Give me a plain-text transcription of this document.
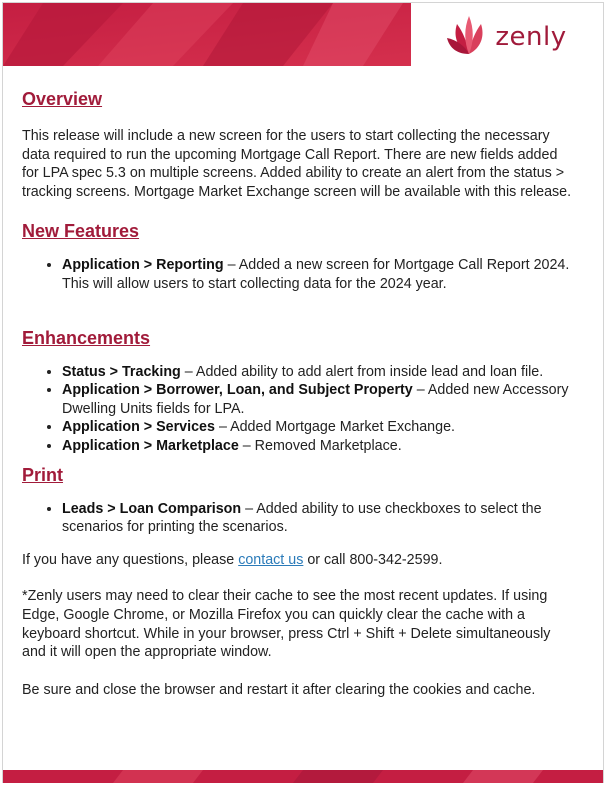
zenly
Overview

This release will include a new screen for the users to start collecting the necessary data required to run the upcoming Mortgage Call Report. There are new fields added for LPA spec 5.3 on multiple screens. Added ability to create an alert from the status > tracking screens. Mortgage Market Exchange screen will be available with this release.

New Features
• Application > Reporting – Added a new screen for Mortgage Call Report 2024. This will allow users to start collecting data for the 2024 year.
Enhancements
• Status > Tracking – Added ability to add alert from inside lead and loan file.
• Application > Borrower, Loan, and Subject Property – Added new Accessory Dwelling Units fields for LPA.
• Application > Services – Added Mortgage Market Exchange.
• Application > Marketplace – Removed Marketplace.
Print
• Leads > Loan Comparison – Added ability to use checkboxes to select the scenarios for printing the scenarios.

If you have any questions, please contact us or call 800-342-2599.

*Zenly users may need to clear their cache to see the most recent updates. If using Edge, Google Chrome, or Mozilla Firefox you can quickly clear the cache with a keyboard shortcut. While in your browser, press Ctrl + Shift + Delete simultaneously and it will open the appropriate window.

Be sure and close the browser and restart it after clearing the cookies and cache.
